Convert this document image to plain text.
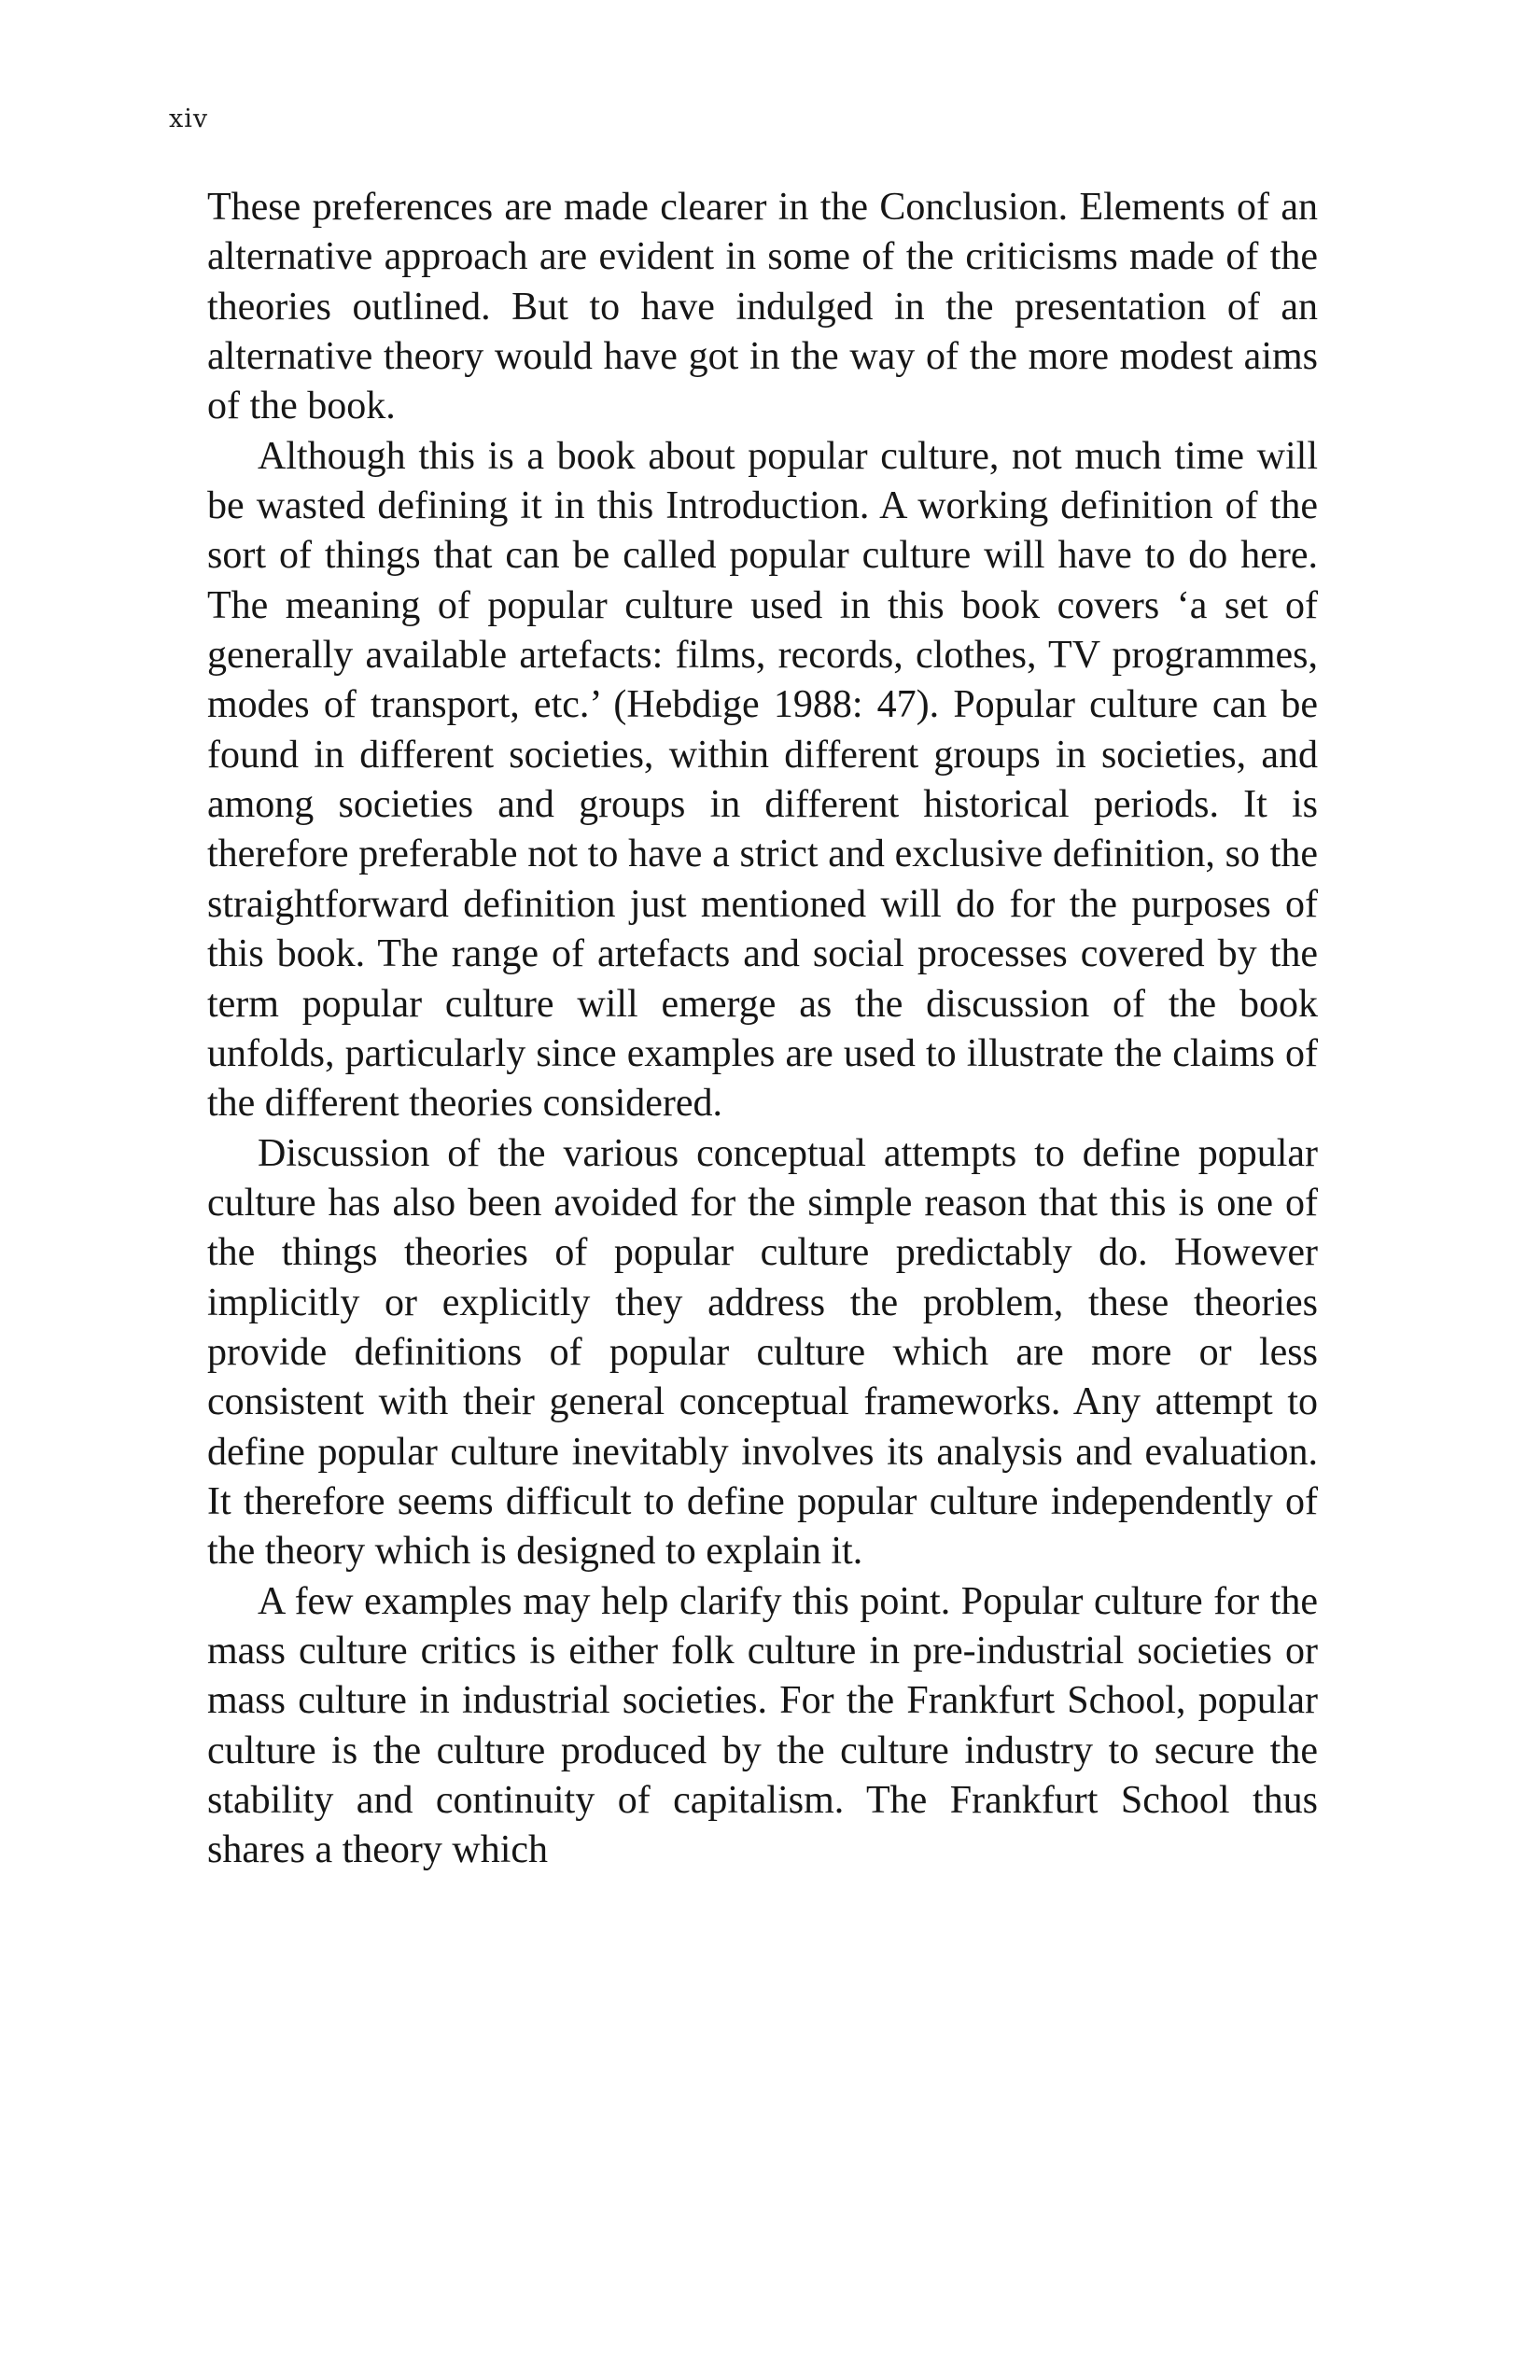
xiv

These preferences are made clearer in the Conclusion. Elements of an alternative approach are evident in some of the criticisms made of the theories outlined. But to have indulged in the presentation of an alternative theory would have got in the way of the more modest aims of the book.

Although this is a book about popular culture, not much time will be wasted defining it in this Introduction. A working definition of the sort of things that can be called popular culture will have to do here. The meaning of popular culture used in this book covers ‘a set of generally available artefacts: films, records, clothes, TV programmes, modes of transport, etc.’ (Hebdige 1988: 47). Popular culture can be found in different societies, within different groups in societies, and among societies and groups in different historical periods. It is therefore preferable not to have a strict and exclusive definition, so the straightforward definition just mentioned will do for the purposes of this book. The range of artefacts and social processes covered by the term popular culture will emerge as the discussion of the book unfolds, particularly since examples are used to illustrate the claims of the different theories considered.

Discussion of the various conceptual attempts to define popular culture has also been avoided for the simple reason that this is one of the things theories of popular culture predictably do. However implicitly or explicitly they address the problem, these theories provide definitions of popular culture which are more or less consistent with their general conceptual frameworks. Any attempt to define popular culture inevitably involves its analysis and evaluation. It therefore seems difficult to define popular culture independently of the theory which is designed to explain it.

A few examples may help clarify this point. Popular culture for the mass culture critics is either folk culture in pre-industrial societies or mass culture in industrial societies. For the Frankfurt School, popular culture is the culture produced by the culture industry to secure the stability and continuity of capitalism. The Frankfurt School thus shares a theory which
